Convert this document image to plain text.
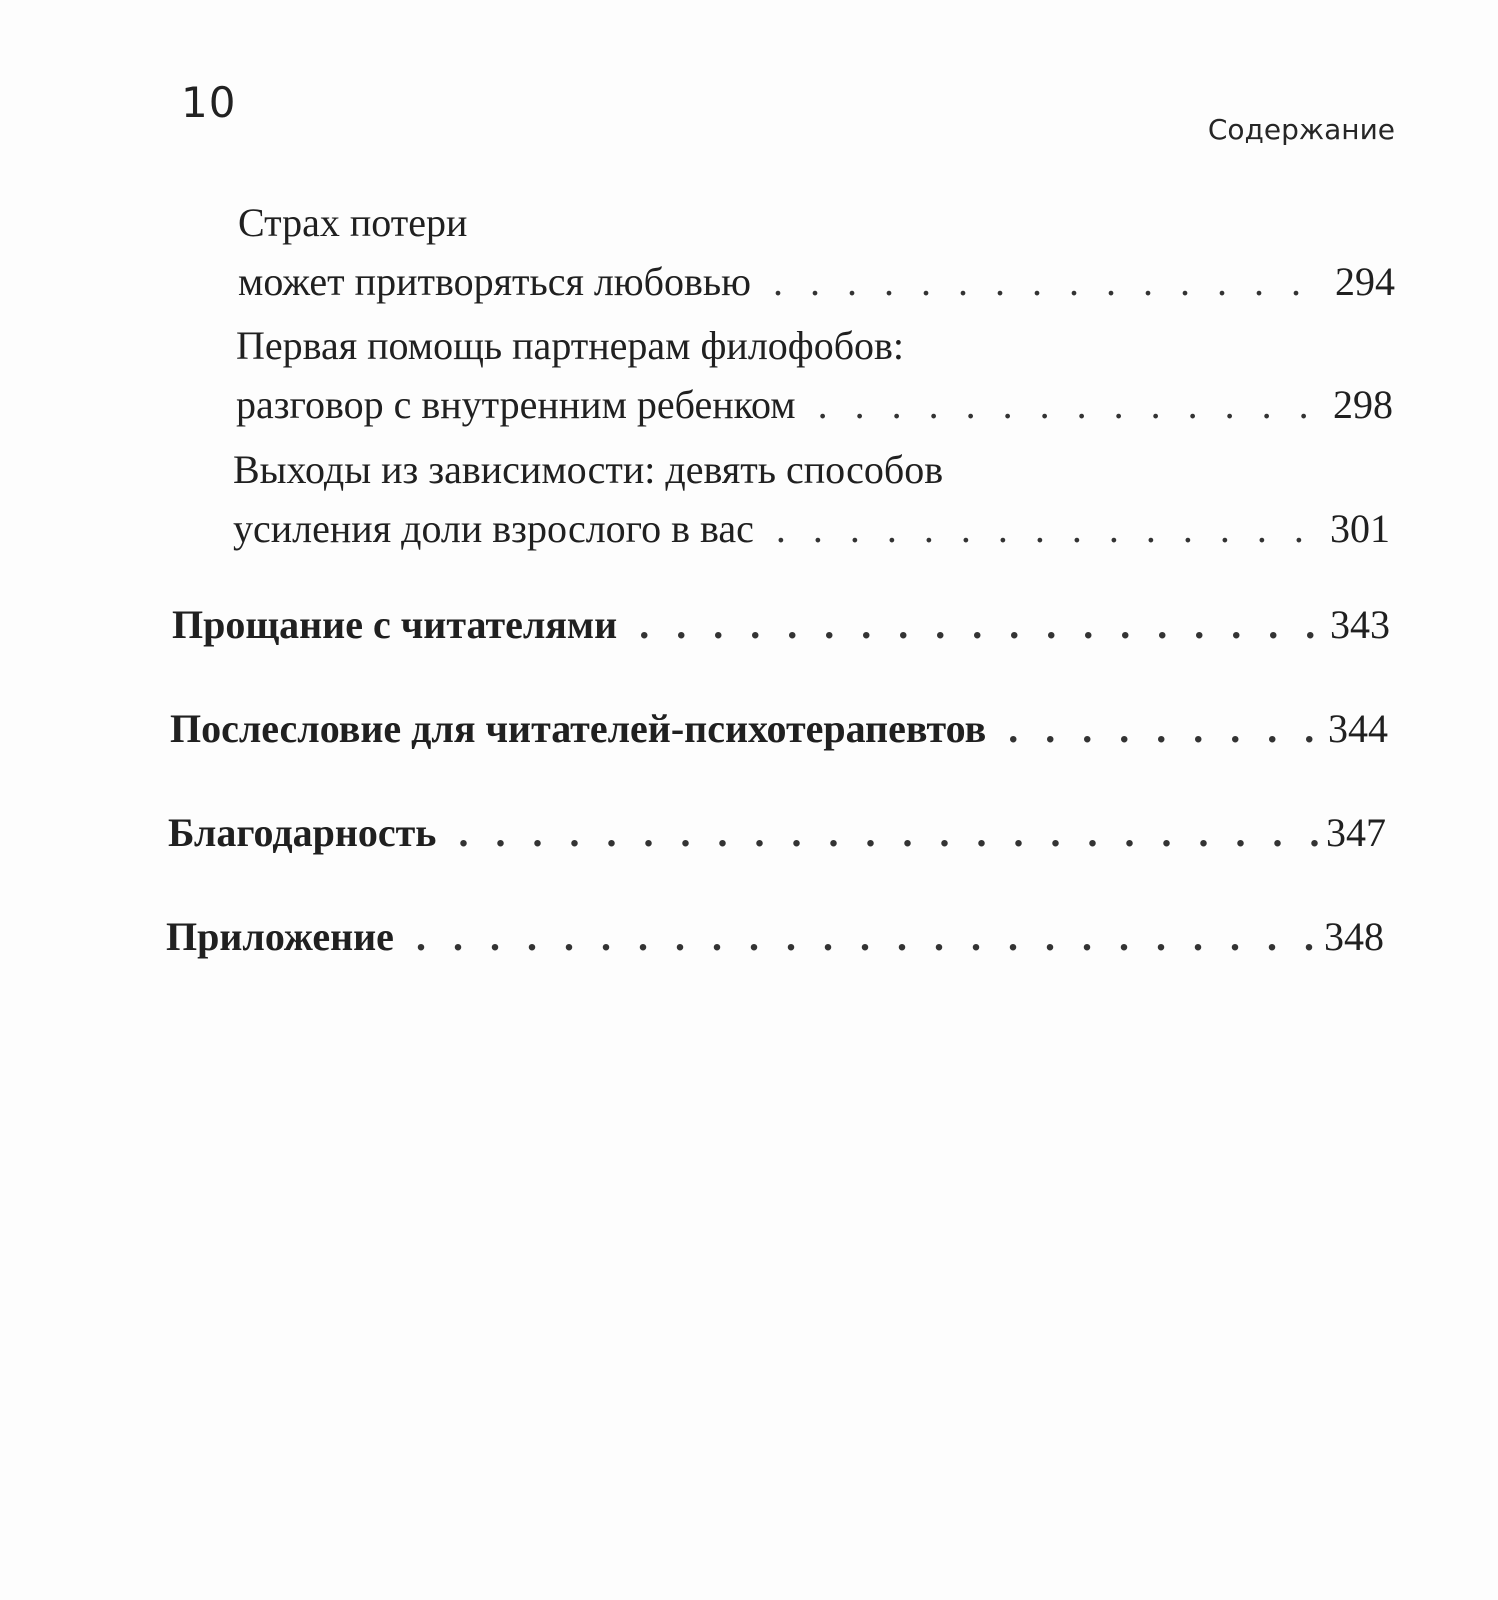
10
Содержание
Страх потери
может притворяться любовью . . .	294
Первая помощь партнерам филофобов:
разговор с внутренним ребенком . . .	298
Выходы из зависимости: девять способов
усиления доли взрослого в вас . . .	301
Прощание с читателями . . .	343
Послесловие для читателей-психотерапевтов . . .	344
Благодарность . . .	347
Приложение . . .	348
